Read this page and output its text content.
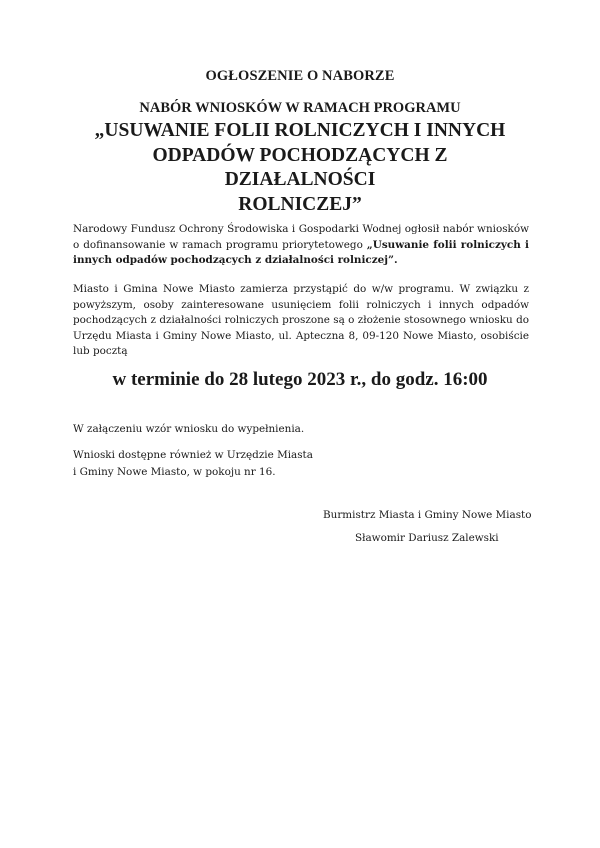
OGŁOSZENIE O NABORZE
NABÓR WNIOSKÓW W RAMACH PROGRAMU
„USUWANIE FOLII ROLNICZYCH I INNYCH
ODPADÓW POCHODZĄCYCH Z DZIAŁALNOŚCI
ROLNICZEJ”
Narodowy Fundusz Ochrony Środowiska i Gospodarki Wodnej ogłosił nabór wniosków o dofinansowanie w ramach programu priorytetowego „Usuwanie folii rolniczych i innych odpadów pochodzących z działalności rolniczej”.
Miasto i Gmina Nowe Miasto zamierza przystąpić do w/w programu. W związku z powyższym, osoby zainteresowane usunięciem folii rolniczych i innych odpadów pochodzących z działalności rolniczych proszone są o złożenie stosownego wniosku do Urzędu Miasta i Gminy Nowe Miasto, ul. Apteczna 8, 09-120 Nowe Miasto, osobiście lub pocztą
w terminie do 28 lutego 2023 r., do godz. 16:00
W załączeniu wzór wniosku do wypełnienia.
Wnioski dostępne również w Urzędzie Miasta
i Gminy Nowe Miasto, w pokoju nr 16.
Burmistrz Miasta i Gminy Nowe Miasto
Sławomir Dariusz Zalewski
